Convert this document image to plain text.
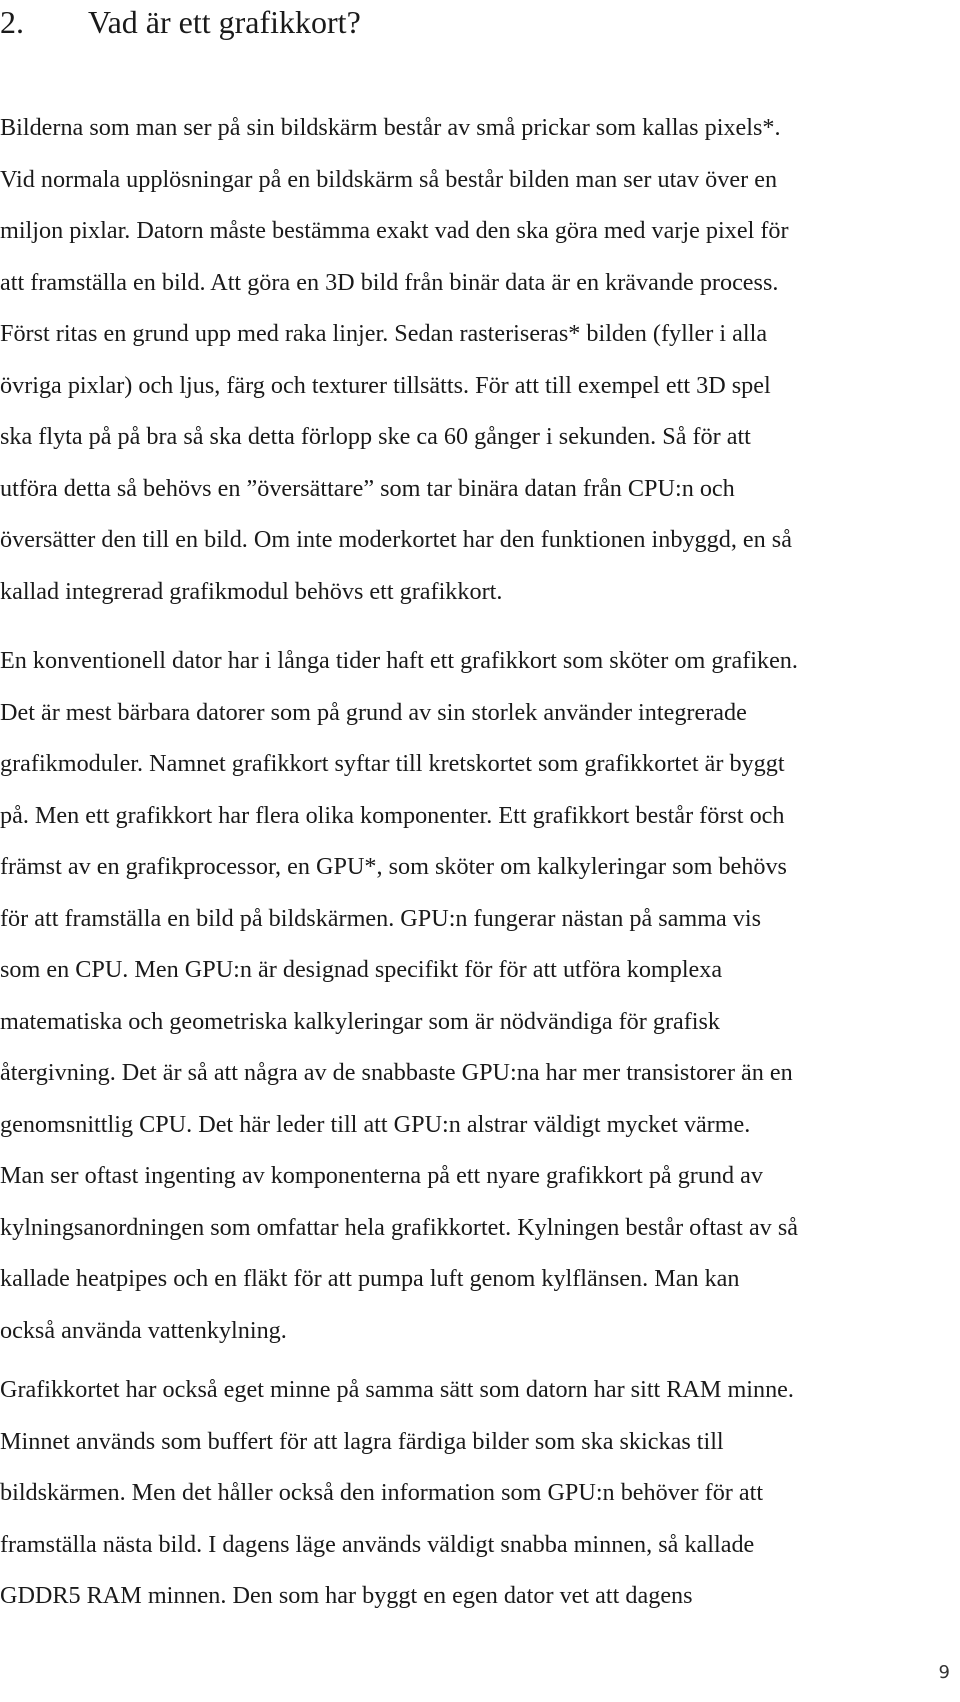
2. Vad är ett grafikkort?

Bilderna som man ser på sin bildskärm består av små prickar som kallas pixels*.
Vid normala upplösningar på en bildskärm så består bilden man ser utav över en
miljon pixlar. Datorn måste bestämma exakt vad den ska göra med varje pixel för
att framställa en bild. Att göra en 3D bild från binär data är en krävande process.
Först ritas en grund upp med raka linjer. Sedan rasteriseras* bilden (fyller i alla
övriga pixlar) och ljus, färg och texturer tillsätts. För att till exempel ett 3D spel
ska flyta på på bra så ska detta förlopp ske ca 60 gånger i sekunden. Så för att
utföra detta så behövs en ”översättare” som tar binära datan från CPU:n och
översätter den till en bild. Om inte moderkortet har den funktionen inbyggd, en så
kallad integrerad grafikmodul behövs ett grafikkort.

En konventionell dator har i långa tider haft ett grafikkort som sköter om grafiken.
Det är mest bärbara datorer som på grund av sin storlek använder integrerade
grafikmoduler. Namnet grafikkort syftar till kretskortet som grafikkortet är byggt
på. Men ett grafikkort har flera olika komponenter. Ett grafikkort består först och
främst av en grafikprocessor, en GPU*, som sköter om kalkyleringar som behövs
för att framställa en bild på bildskärmen. GPU:n fungerar nästan på samma vis
som en CPU. Men GPU:n är designad specifikt för för att utföra komplexa
matematiska och geometriska kalkyleringar som är nödvändiga för grafisk
återgivning. Det är så att några av de snabbaste GPU:na har mer transistorer än en
genomsnittlig CPU. Det här leder till att GPU:n alstrar väldigt mycket värme.
Man ser oftast ingenting av komponenterna på ett nyare grafikkort på grund av
kylningsanordningen som omfattar hela grafikkortet. Kylningen består oftast av så
kallade heatpipes och en fläkt för att pumpa luft genom kylflänsen. Man kan
också använda vattenkylning.

Grafikkortet har också eget minne på samma sätt som datorn har sitt RAM minne.
Minnet används som buffert för att lagra färdiga bilder som ska skickas till
bildskärmen. Men det håller också den information som GPU:n behöver för att
framställa nästa bild. I dagens läge används väldigt snabba minnen, så kallade
GDDR5 RAM minnen. Den som har byggt en egen dator vet att dagens

9
